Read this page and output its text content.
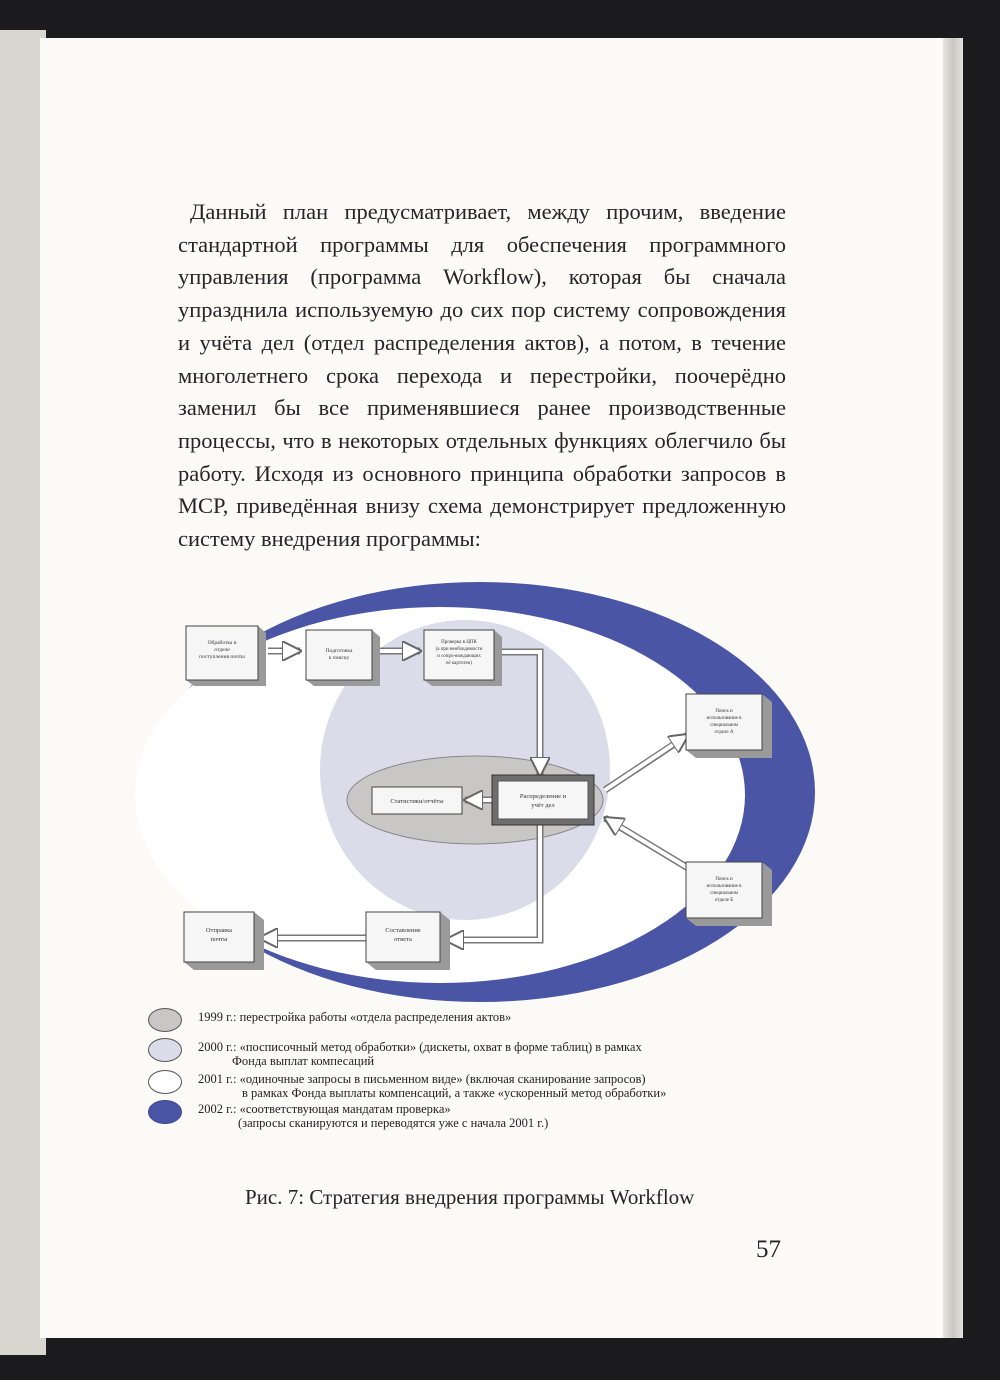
Данный план предусматривает, между прочим, введение стандартной программы для обеспечения программного управления (программа Workflow), которая бы сначала упразднила используемую до сих пор систему сопровождения и учёта дел (отдел распределения актов), а потом, в течение многолетнего срока перехода и перестройки, поочерёдно заменил бы все применявшиеся ранее производственные процессы, что в некоторых отдельных функциях облегчило бы работу. Исходя из основного принципа обработки запросов в МСР, приведённая внизу схема демонстрирует предложенную систему внедрения программы:

Обработка в отделе поступления почты
Подготовка к поиску
Проверка в ЦПК (а при необходимости и сопро-вождающих её картотек)
Поиск и использование в специальном отделе А
Статистики/отчёты
Распределение и учёт дел
Поиск и использование в специальном отделе Б
Отправка почты
Составление ответа
1999 г.: перестройка работы «отдела распределения актов»
2000 г.: «посписочный метод обработки» (дискеты, охват в форме таблиц) в рамках
Фонда выплат компесаций
2001 г.: «одиночные запросы в письменном виде» (включая сканирование запросов)
в рамках Фонда выплаты компенсаций, а также «ускоренный метод обработки»
2002 г.: «соответствующая мандатам проверка»
(запросы сканируются и переводятся уже с начала 2001 г.)
Рис. 7: Стратегия внедрения программы Workflow
57
